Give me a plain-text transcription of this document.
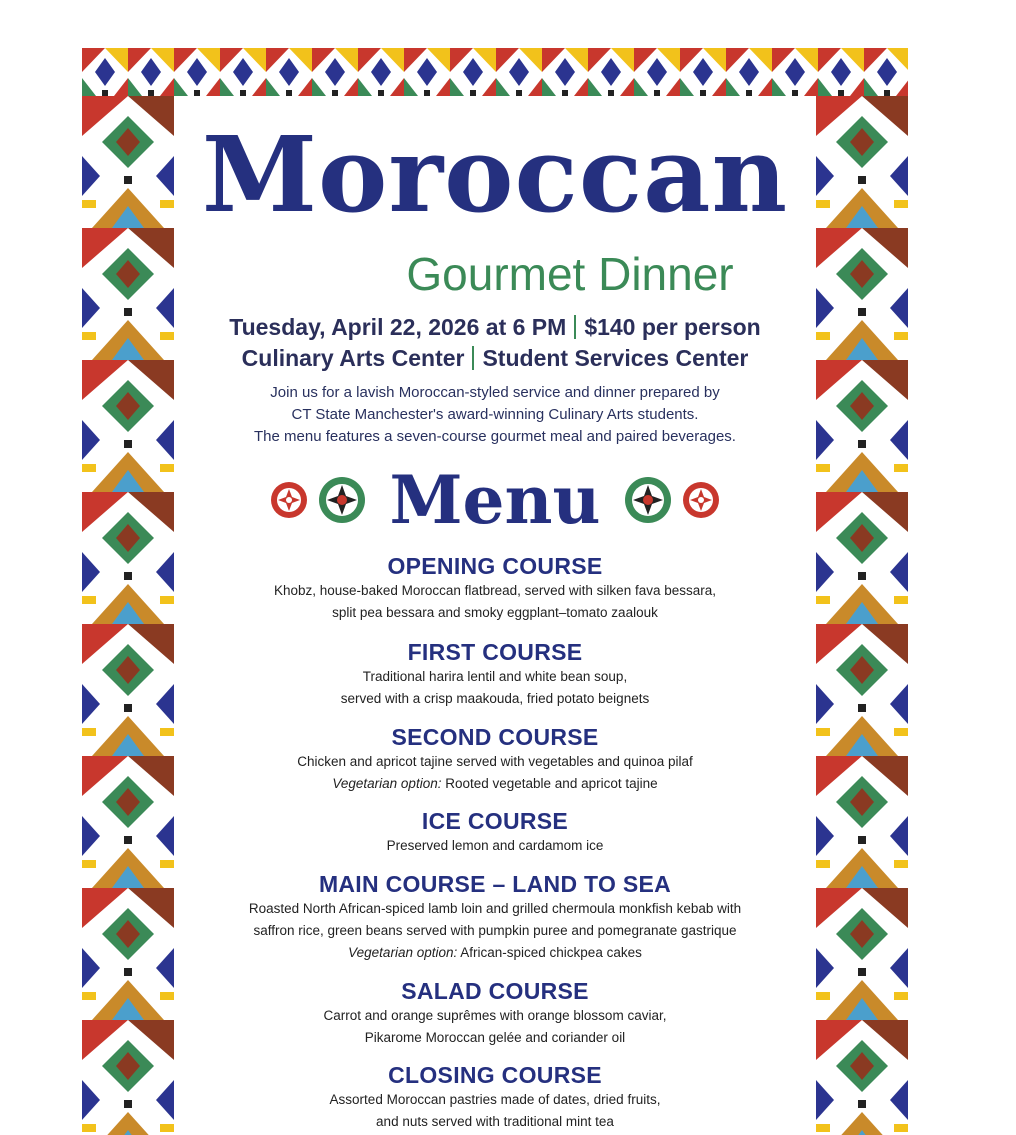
Moroccan
Gourmet Dinner
Tuesday, April 22, 2026 at 6 PM $140 per person
Culinary Arts Center Student Services Center
Join us for a lavish Moroccan-styled service and dinner prepared by
CT State Manchester's award-winning Culinary Arts students.
The menu features a seven-course gourmet meal and paired beverages.
Menu
OPENING COURSE

Khobz, house-baked Moroccan flatbread, served with silken fava bessara,
split pea bessara and smoky eggplant–tomato zaalouk

FIRST COURSE

Traditional harira lentil and white bean soup,
served with a crisp maakouda, fried potato beignets

SECOND COURSE

Chicken and apricot tajine served with vegetables and quinoa pilaf
Vegetarian option: Rooted vegetable and apricot tajine

ICE COURSE

Preserved lemon and cardamom ice

MAIN COURSE – LAND TO SEA

Roasted North African-spiced lamb loin and grilled chermoula monkfish kebab with
saffron rice, green beans served with pumpkin puree and pomegranate gastrique
Vegetarian option: African-spiced chickpea cakes

SALAD COURSE

Carrot and orange suprêmes with orange blossom caviar,
Pikarome Moroccan gelée and coriander oil

CLOSING COURSE

Assorted Moroccan pastries made of dates, dried fruits,
and nuts served with traditional mint tea
